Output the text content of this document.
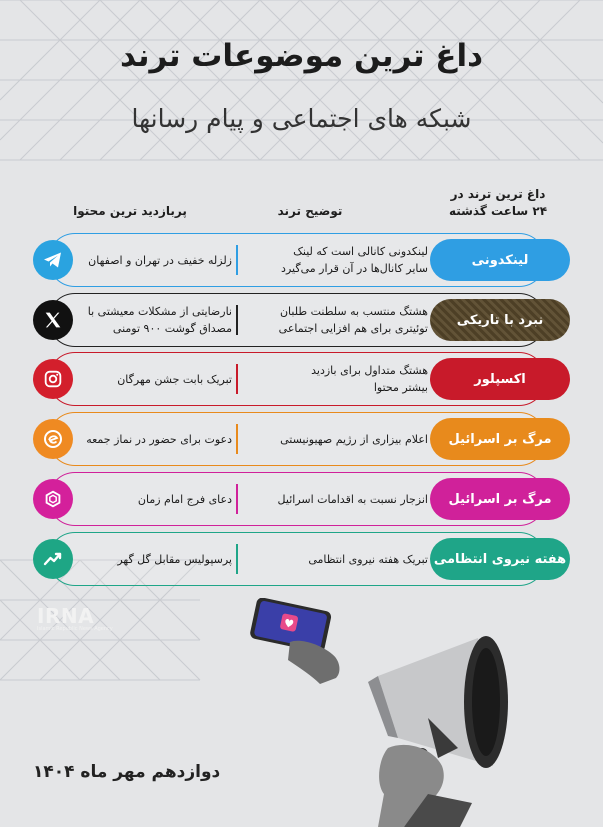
داغ ترین موضوعات ترند
شبکه های اجتماعی و پیام رسانها
داغ ترین ترند در
۲۴ ساعت گذشته
توضیح ترند
پربازدید ترین محتوا
لینکدونی
لینکدونی کانالی است که لینک
سایر کانال‌ها در آن قرار می‌گیرد
زلزله خفیف در تهران و اصفهان
نبرد با تاریکی
هشتگ منتسب به سلطنت طلبان
توئیتری برای هم افزایی اجتماعی
نارضایتی از مشکلات معیشتی با
مصداق گوشت ۹۰۰ تومنی
اکسپلور
هشتگ متداول برای بازدید
بیشتر محتوا
تبریک بابت جشن مهرگان
مرگ بر اسرائیل
اعلام بیزاری از رژیم صهیونیستی
دعوت برای حضور در نماز جمعه
مرگ بر اسرائیل
انزجار نسبت به اقدامات اسرائیل
دعای فرج امام زمان
هفته نیروی انتظامی
تبریک هفته نیروی انتظامی
پرسپولیس مقابل گل گهر
IRNA
Islamic Republic News Agency
دوازدهم مهر ماه ۱۴۰۴
